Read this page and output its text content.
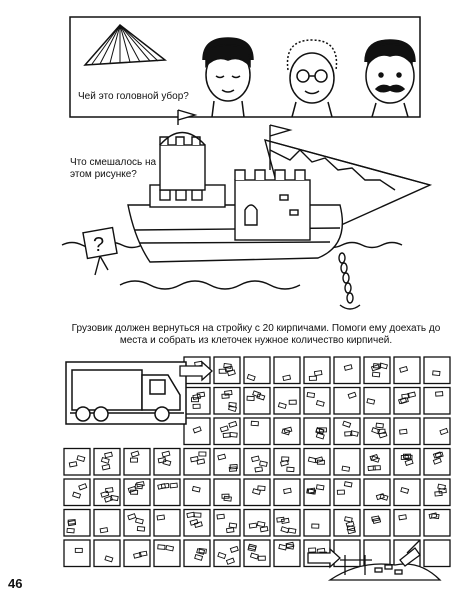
?
Чей это головной убор?
Что смешалось на этом рисунке?
Грузовик должен вернуться на стройку с 20 кирпичами. Помоги ему доехать до места и собрать из клеточек нужное количество кирпичей.
46
